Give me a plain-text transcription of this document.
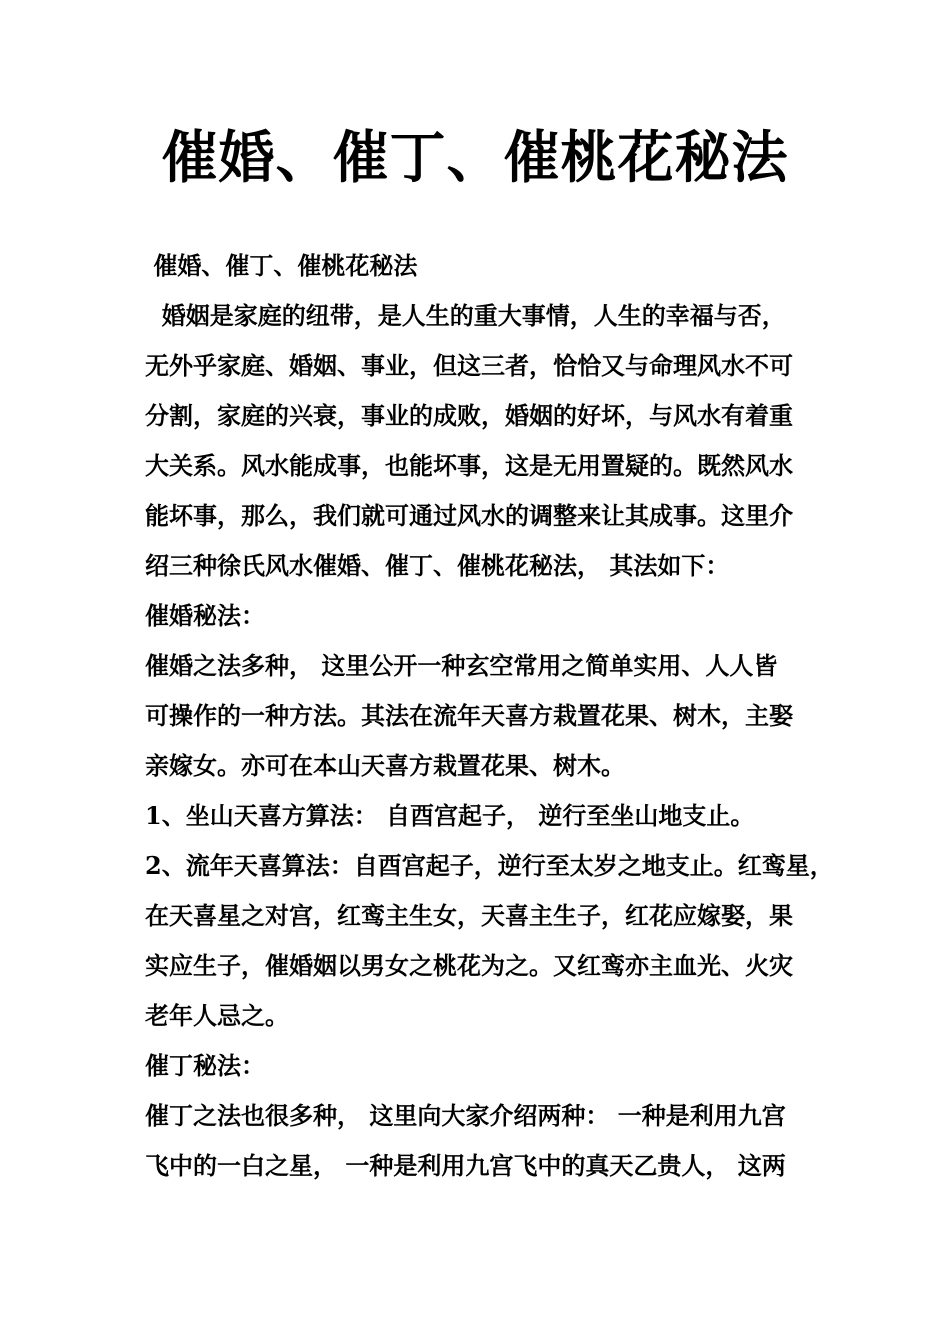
催婚、催丁、催桃花秘法
催婚、催丁、催桃花秘法
婚姻是家庭的纽带，是人生的重大事情，人生的幸福与否，
无外乎家庭、婚姻、事业，但这三者，恰恰又与命理风水不可
分割，家庭的兴衰，事业的成败，婚姻的好坏，与风水有着重
大关系。风水能成事，也能坏事，这是无用置疑的。既然风水
能坏事，那么，我们就可通过风水的调整来让其成事。这里介
绍三种徐氏风水催婚、催丁、催桃花秘法， 其法如下：
催婚秘法：
催婚之法多种， 这里公开一种玄空常用之简单实用、人人皆
可操作的一种方法。其法在流年天喜方栽置花果、树木，主娶
亲嫁女。亦可在本山天喜方栽置花果、树木。
1、坐山天喜方算法： 自酉宫起子， 逆行至坐山地支止。
2、流年天喜算法：自酉宫起子，逆行至太岁之地支止。红鸾星，
在天喜星之对宫，红鸾主生女，天喜主生子，红花应嫁娶，果
实应生子，催婚姻以男女之桃花为之。又红鸾亦主血光、火灾
老年人忌之。
催丁秘法：
催丁之法也很多种， 这里向大家介绍两种： 一种是利用九宫
飞中的一白之星， 一种是利用九宫飞中的真天乙贵人， 这两
